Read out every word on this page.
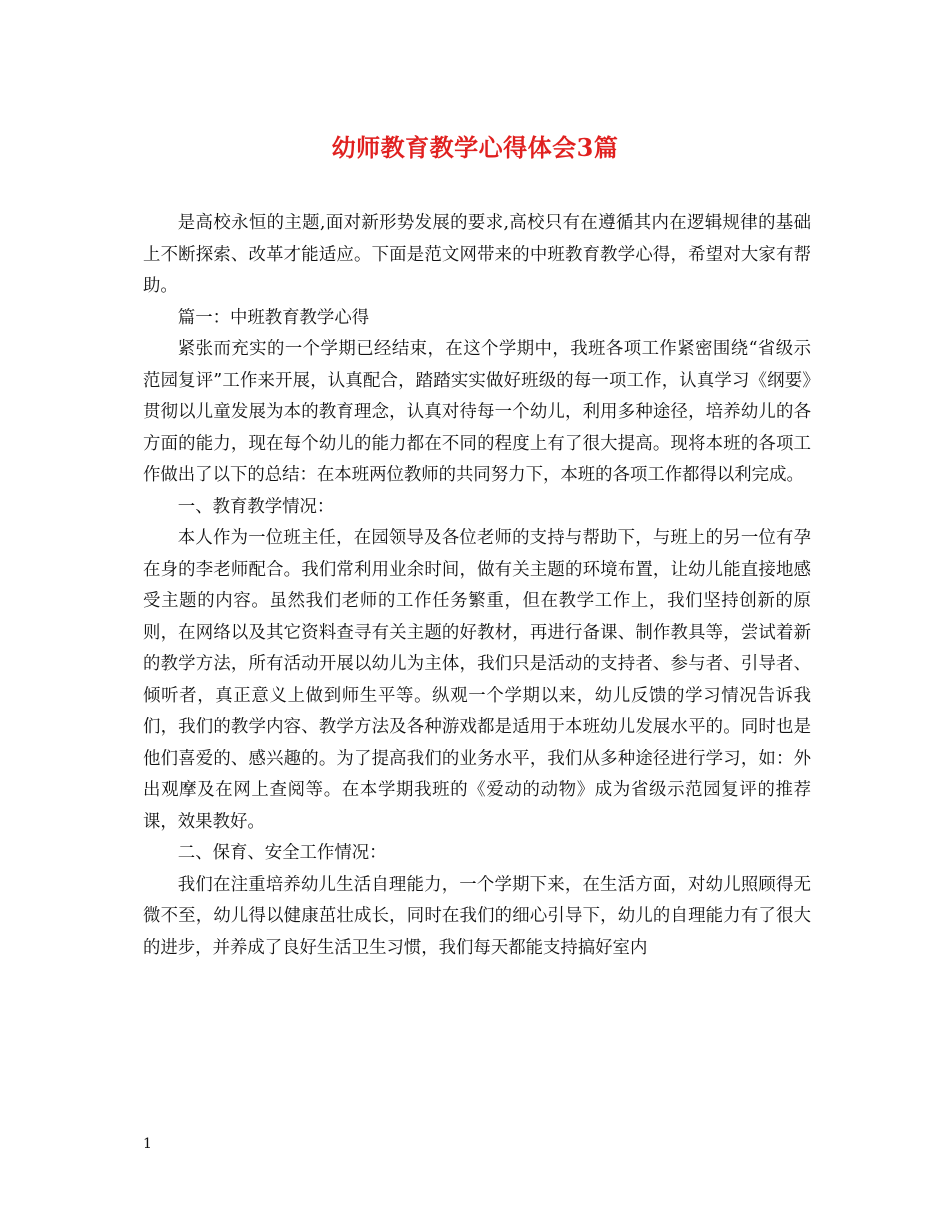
幼师教育教学心得体会3篇

是高校永恒的主题,面对新形势发展的要求,高校只有在遵循其内在逻辑规律的基础上不断探索、改革才能适应。下面是范文网带来的中班教育教学心得，希望对大家有帮助。

篇一：中班教育教学心得

紧张而充实的一个学期已经结束，在这个学期中，我班各项工作紧密围绕“省级示范园复评”工作来开展，认真配合，踏踏实实做好班级的每一项工作，认真学习《纲要》贯彻以儿童发展为本的教育理念，认真对待每一个幼儿，利用多种途径，培养幼儿的各方面的能力，现在每个幼儿的能力都在不同的程度上有了很大提高。现将本班的各项工作做出了以下的总结：在本班两位教师的共同努力下，本班的各项工作都得以利完成。

一、教育教学情况：

本人作为一位班主任，在园领导及各位老师的支持与帮助下，与班上的另一位有孕在身的李老师配合。我们常利用业余时间，做有关主题的环境布置，让幼儿能直接地感受主题的内容。虽然我们老师的工作任务繁重，但在教学工作上，我们坚持创新的原则，在网络以及其它资料查寻有关主题的好教材，再进行备课、制作教具等，尝试着新的教学方法，所有活动开展以幼儿为主体，我们只是活动的支持者、参与者、引导者、倾听者，真正意义上做到师生平等。纵观一个学期以来，幼儿反馈的学习情况告诉我们，我们的教学内容、教学方法及各种游戏都是适用于本班幼儿发展水平的。同时也是他们喜爱的、感兴趣的。为了提高我们的业务水平，我们从多种途径进行学习，如：外出观摩及在网上查阅等。在本学期我班的《爱动的动物》成为省级示范园复评的推荐课，效果教好。

二、保育、安全工作情况：

我们在注重培养幼儿生活自理能力，一个学期下来，在生活方面，对幼儿照顾得无微不至，幼儿得以健康茁壮成长，同时在我们的细心引导下，幼儿的自理能力有了很大的进步，并养成了良好生活卫生习惯，我们每天都能支持搞好室内

1
